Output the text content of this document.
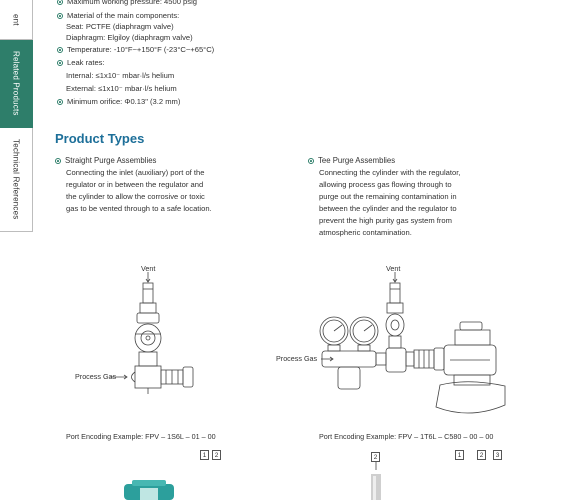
ent
Related Products
Technical References
Maximum working pressure: 4500 psig
Material of the main components:
Seat: PCTFE (diaphragm valve)
Diaphragm: Elgiloy (diaphragm valve)
Temperature: -10°F~+150°F (-23°C~+65°C)
Leak rates:
Internal: ≤1x10⁻ mbar·l/s helium
External: ≤1x10⁻ mbar·l/s helium
Minimum orifice: Φ0.13" (3.2 mm)
Product Types
Straight Purge Assemblies
Connecting the inlet (auxiliary) port of the
regulator or in between the regulator and
the cylinder to allow the corrosive or toxic
gas to be vented through to a safe location.
Tee Purge Assemblies
Connecting the cylinder with the regulator,
allowing process gas flowing through to
purge out the remaining contamination in
between the cylinder and the regulator to
prevent the high purity gas system from
atmospheric contamination.
Vent
Process Gas
Port Encoding Example: FPV – 1S6L – 01 – 00
1	2
Vent
Process Gas
Port Encoding Example: FPV – 1T6L – C580 – 00 – 00
1	2	3
2
